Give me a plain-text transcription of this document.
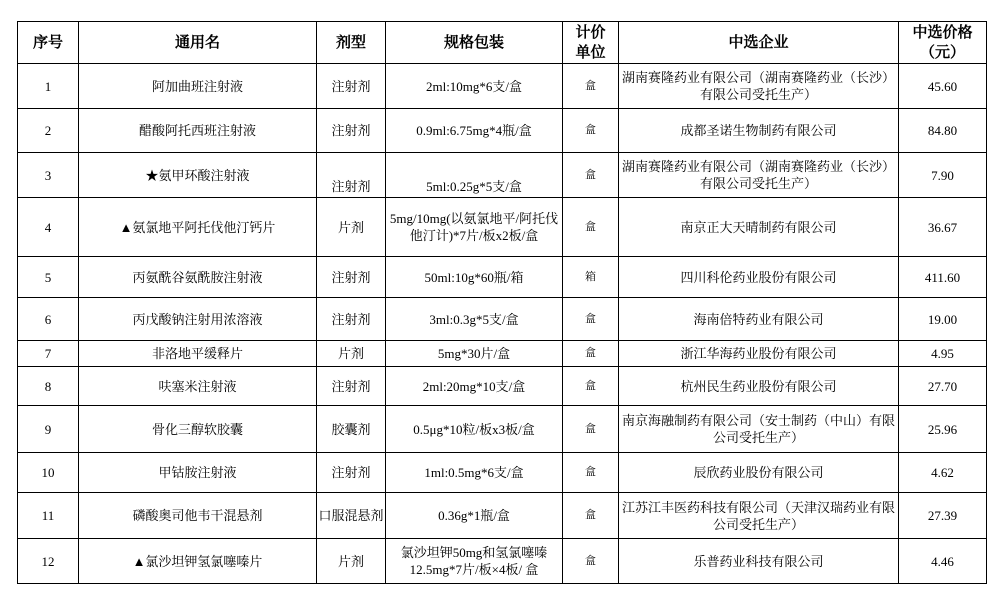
序号	通用名	剂型	规格包装	计价单位	中选企业	中选价格（元）
1	阿加曲班注射液	注射剂	2ml:10mg*6支/盒	盒	湖南赛隆药业有限公司（湖南赛隆药业（长沙）有限公司受托生产）	45.60
2	醋酸阿托西班注射液	注射剂	0.9ml:6.75mg*4瓶/盒	盒	成都圣诺生物制药有限公司	84.80
3	★氨甲环酸注射液	注射剂	5ml:0.25g*5支/盒	盒	湖南赛隆药业有限公司（湖南赛隆药业（长沙）有限公司受托生产）	7.90
4	▲氨氯地平阿托伐他汀钙片	片剂	5mg/10mg(以氨氯地平/阿托伐他汀计)*7片/板x2板/盒	盒	南京正大天晴制药有限公司	36.67
5	丙氨酰谷氨酰胺注射液	注射剂	50ml:10g*60瓶/箱	箱	四川科伦药业股份有限公司	411.60
6	丙戊酸钠注射用浓溶液	注射剂	3ml:0.3g*5支/盒	盒	海南倍特药业有限公司	19.00
7	非洛地平缓释片	片剂	5mg*30片/盒	盒	浙江华海药业股份有限公司	4.95
8	呋塞米注射液	注射剂	2ml:20mg*10支/盒	盒	杭州民生药业股份有限公司	27.70
9	骨化三醇软胶囊	胶囊剂	0.5μg*10粒/板x3板/盒	盒	南京海融制药有限公司（安士制药（中山）有限公司受托生产）	25.96
10	甲钴胺注射液	注射剂	1ml:0.5mg*6支/盒	盒	辰欣药业股份有限公司	4.62
11	磷酸奥司他韦干混悬剂	口服混悬剂	0.36g*1瓶/盒	盒	江苏江丰医药科技有限公司（天津汉瑞药业有限公司受托生产）	27.39
12	▲氯沙坦钾氢氯噻嗪片	片剂	氯沙坦钾50mg和氢氯噻嗪12.5mg*7片/板×4板/ 盒	盒	乐普药业科技有限公司	4.46
